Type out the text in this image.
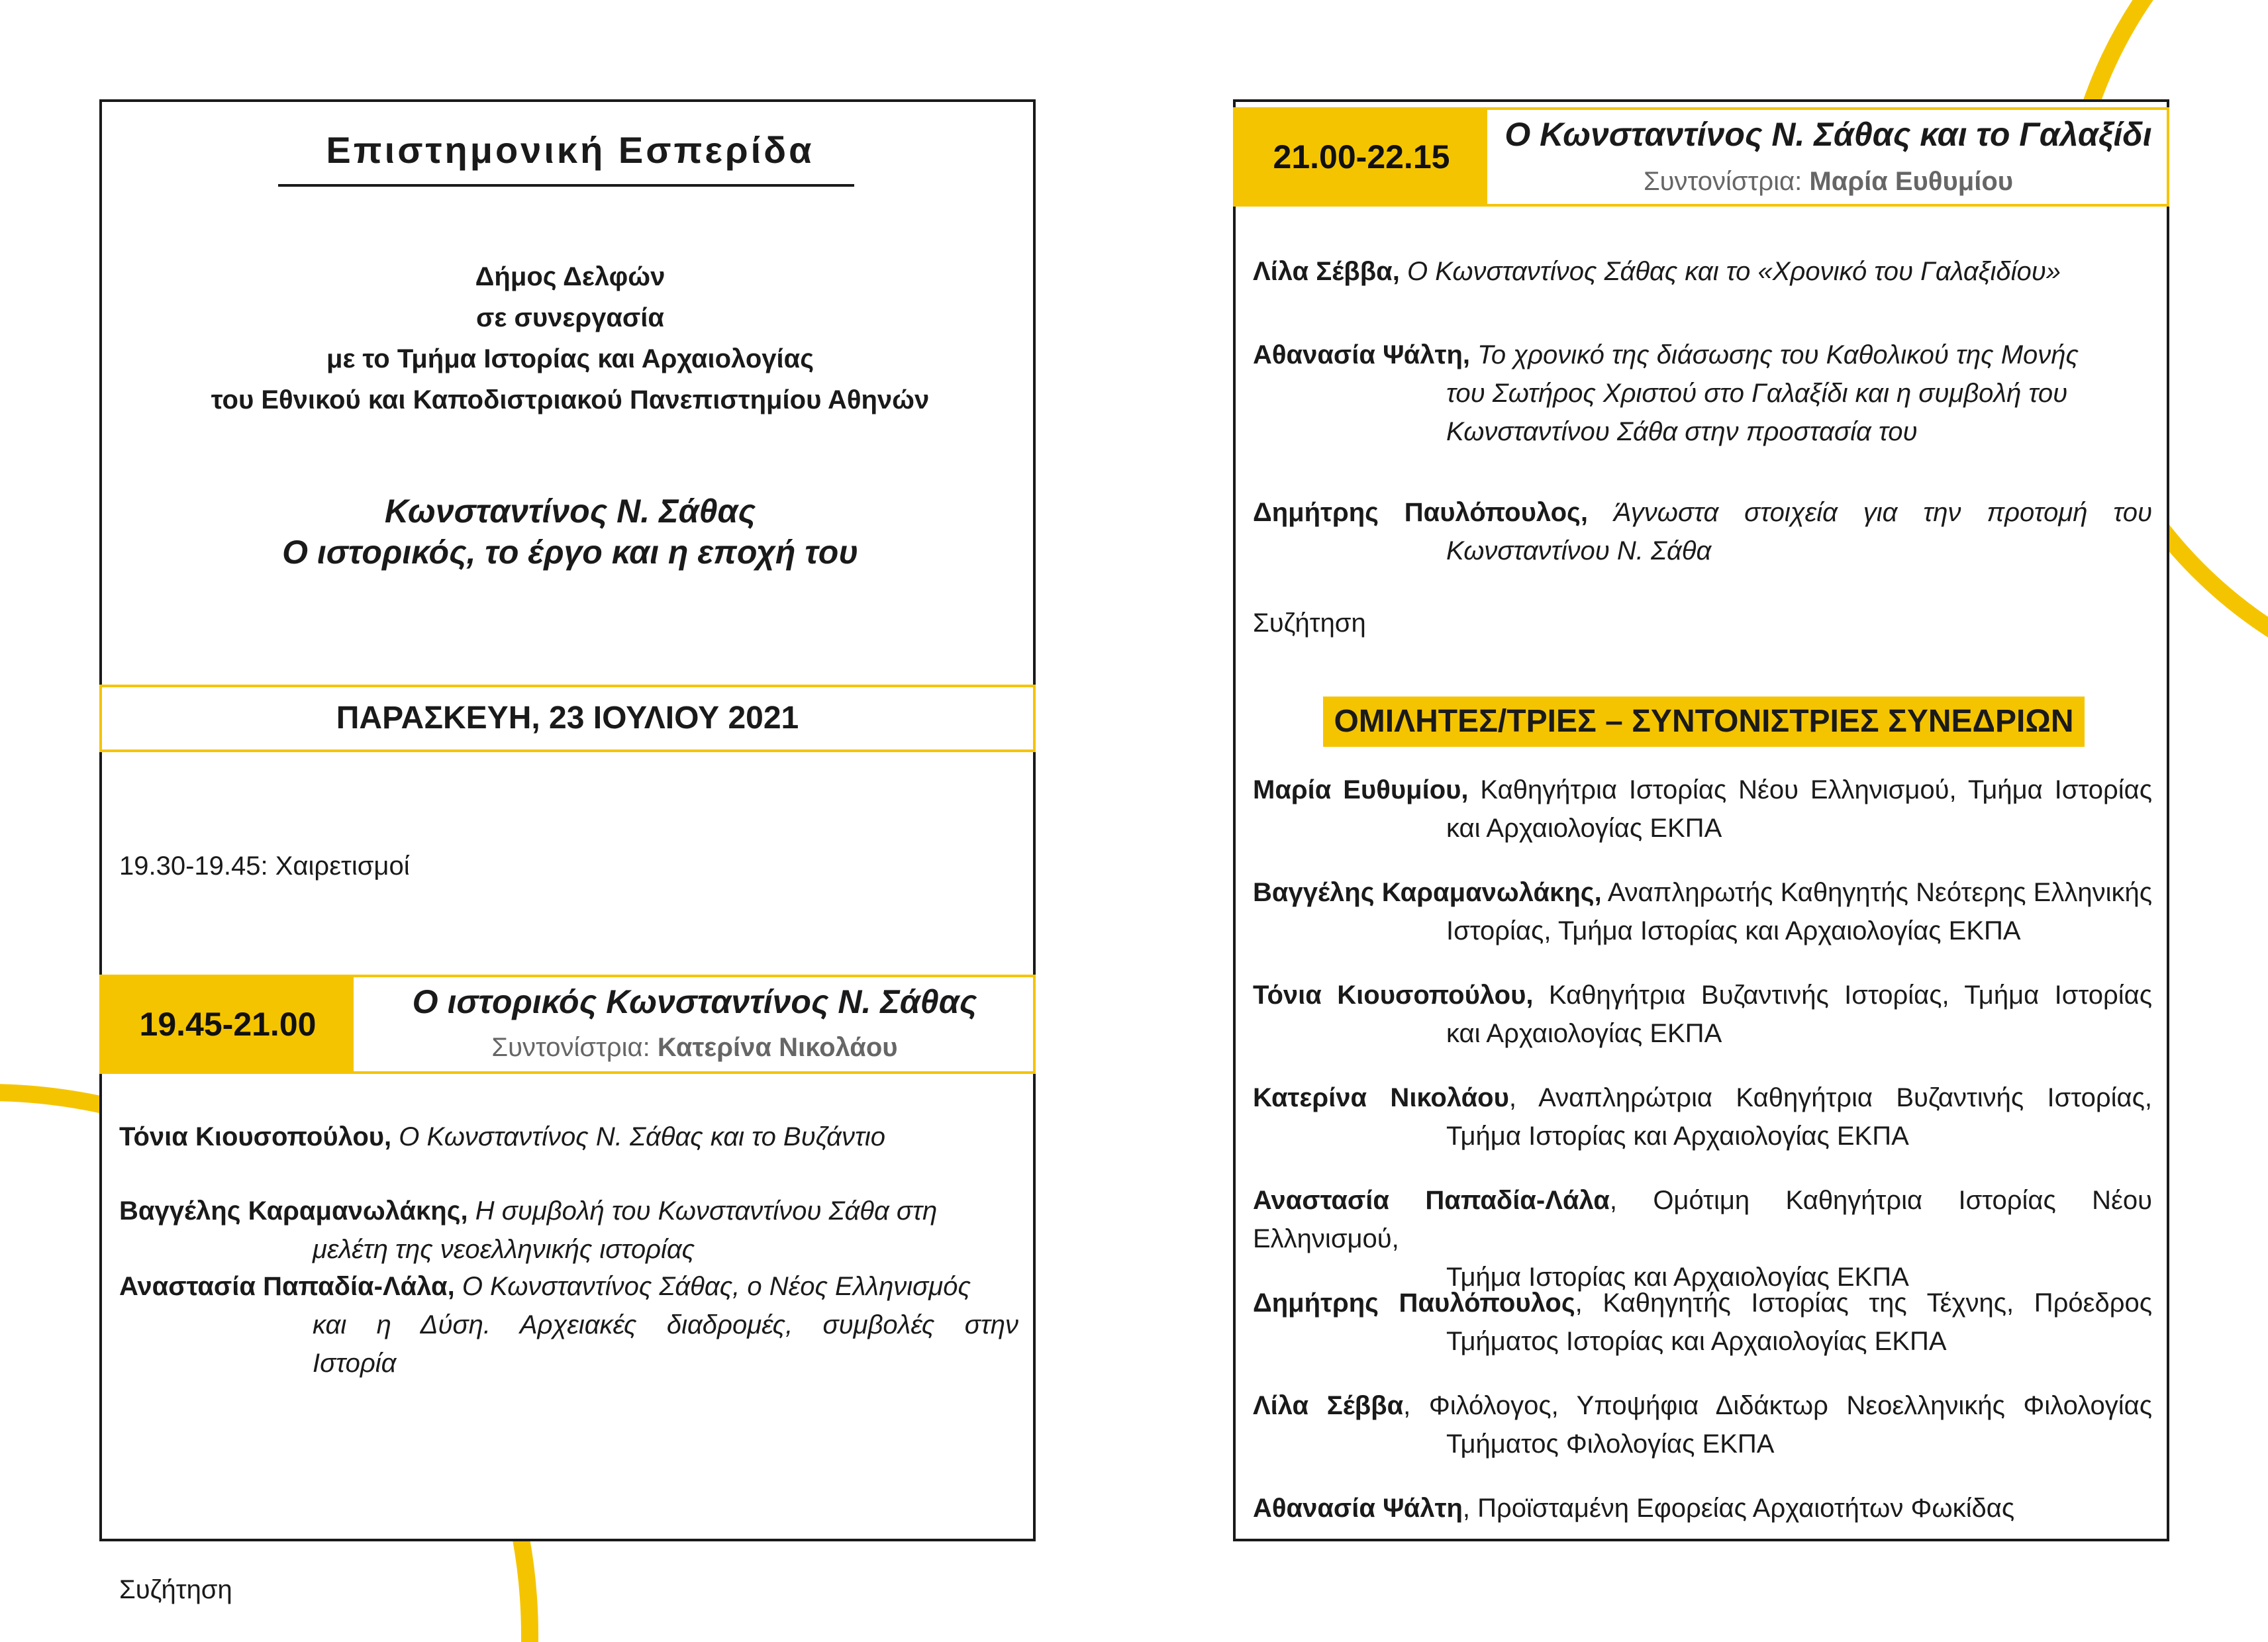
Επιστημονική Εσπερίδα
Δήμος Δελφών
σε συνεργασία
με το Τμήμα Ιστορίας και Αρχαιολογίας
του Εθνικού και Καποδιστριακού Πανεπιστημίου Αθηνών
Κωνσταντίνος Ν. Σάθας
Ο ιστορικός, το έργο και η εποχή του
ΠΑΡΑΣΚΕΥΗ, 23 ΙΟΥΛΙΟΥ 2021
19.30-19.45: Χαιρετισμοί
19.45-21.00
Ο ιστορικός Κωνσταντίνος Ν. Σάθας
Συντονίστρια: Κατερίνα Νικολάου
Τόνια Κιουσοπούλου, Ο Κωνσταντίνος Ν. Σάθας και το Βυζάντιο
Βαγγέλης Καραμανωλάκης, Η συμβολή του Κωνσταντίνου Σάθα στη
μελέτη της νεοελληνικής ιστορίας
Αναστασία Παπαδία-Λάλα, Ο Κωνσταντίνος Σάθας, ο Νέος Ελληνισμός
και η Δύση. Αρχειακές διαδρομές, συμβολές στην
Ιστορία
Συζήτηση
21.00-22.15
Ο Κωνσταντίνος Ν. Σάθας και το Γαλαξίδι
Συντονίστρια: Μαρία Ευθυμίου
Λίλα Σέββα, Ο Κωνσταντίνος Σάθας και το «Χρονικό του Γαλαξιδίου»
Αθανασία Ψάλτη, Το χρονικό της διάσωσης του Καθολικού της Μονής
του Σωτήρος Χριστού στο Γαλαξίδι και η συμβολή του
Κωνσταντίνου Σάθα στην προστασία του
Δημήτρης Παυλόπουλος, Άγνωστα στοιχεία για την προτομή του
Κωνσταντίνου Ν. Σάθα
Συζήτηση
ΟΜΙΛΗΤΕΣ/ΤΡΙΕΣ – ΣΥΝΤΟΝΙΣΤΡΙΕΣ ΣΥΝΕΔΡΙΩΝ
Μαρία Ευθυμίου, Καθηγήτρια Ιστορίας Νέου Ελληνισμού, Τμήμα Ιστορίας
και Αρχαιολογίας ΕΚΠΑ
Βαγγέλης Καραμανωλάκης, Αναπληρωτής Καθηγητής Νεότερης Ελληνικής
Ιστορίας, Τμήμα Ιστορίας και Αρχαιολογίας ΕΚΠΑ
Τόνια Κιουσοπούλου, Καθηγήτρια Βυζαντινής Ιστορίας, Τμήμα Ιστορίας
και Αρχαιολογίας ΕΚΠΑ
Κατερίνα Νικολάου, Αναπληρώτρια Καθηγήτρια Βυζαντινής Ιστορίας,
Τμήμα Ιστορίας και Αρχαιολογίας ΕΚΠΑ
Αναστασία Παπαδία-Λάλα, Ομότιμη Καθηγήτρια Ιστορίας Νέου Ελληνισμού,
Τμήμα Ιστορίας και Αρχαιολογίας ΕΚΠΑ
Δημήτρης Παυλόπουλος, Καθηγητής Ιστορίας της Τέχνης, Πρόεδρος
Τμήματος Ιστορίας και Αρχαιολογίας ΕΚΠΑ
Λίλα Σέββα, Φιλόλογος, Υποψήφια Διδάκτωρ Νεοελληνικής Φιλολογίας
Τμήματος Φιλολογίας ΕΚΠΑ
Αθανασία Ψάλτη, Προϊσταμένη Εφορείας Αρχαιοτήτων Φωκίδας
